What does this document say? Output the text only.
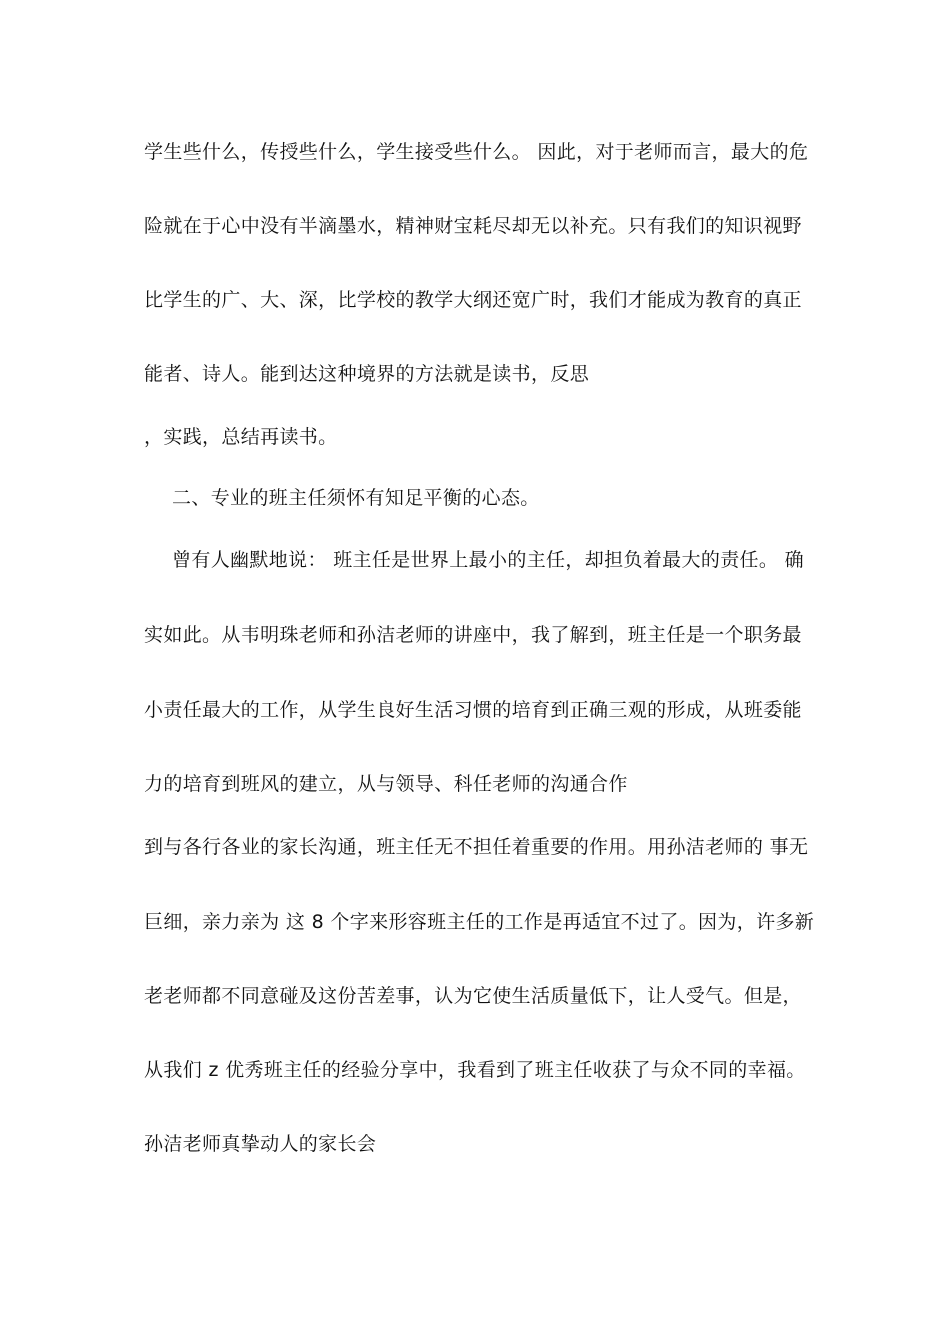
学生些什么，传授些什么，学生接受些什么。 因此，对于老师而言，最大的危
险就在于心中没有半滴墨水，精神财宝耗尽却无以补充。只有我们的知识视野
比学生的广、大、深，比学校的教学大纲还宽广时，我们才能成为教育的真正
能者、诗人。能到达这种境界的方法就是读书，反思
，实践，总结再读书。
二、专业的班主任须怀有知足平衡的心态。
曾有人幽默地说： 班主任是世界上最小的主任，却担负着最大的责任。 确
实如此。从韦明珠老师和孙洁老师的讲座中，我了解到，班主任是一个职务最
小责任最大的工作，从学生良好生活习惯的培育到正确三观的形成，从班委能
力的培育到班风的建立，从与领导、科任老师的沟通合作
到与各行各业的家长沟通，班主任无不担任着重要的作用。用孙洁老师的 事无
巨细，亲力亲为 这 8 个字来形容班主任的工作是再适宜不过了。因为，许多新
老老师都不同意碰及这份苦差事，认为它使生活质量低下，让人受气。但是，
从我们 z 优秀班主任的经验分享中，我看到了班主任收获了与众不同的幸福。
孙洁老师真挚动人的家长会
